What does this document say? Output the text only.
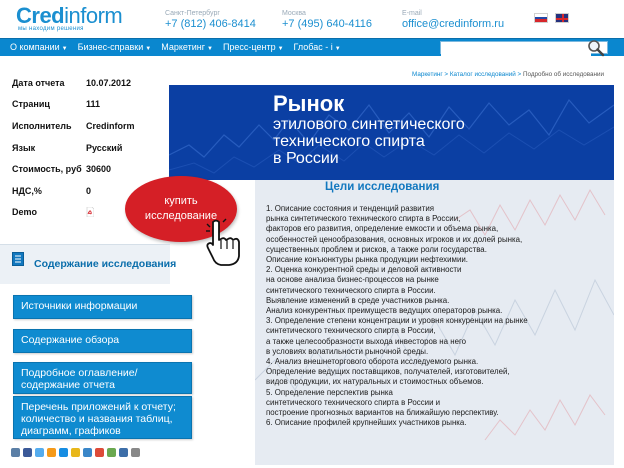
Credinform
мы находим решения
Санкт-Петербург
+7 (812) 406-8414
Москва
+7 (495) 640-4116
E-mail
office@credinform.ru
О компании ▼ Бизнес-справки ▼ Маркетинг ▼ Пресс-центр ▼ Глобас - i ▼
Дата отчета	10.07.2012
Страниц	111
Исполнитель	Credinform
Язык	Русский
Стоимость, руб 30600
НДС,%	0
Demo
Маркетинг > Каталог исследований > Подробно об исследовании
Рынок
этилового синтетического
технического спирта
в России
Цели исследования
1. Описание состояния и тенденций развития
рынка синтетического технического спирта в России,
факторов его развития, определение емкости и объема рынка,
особенностей ценообразования, основных игроков и их долей рынка,
существенных проблем и рисков, а также роли государства.
Описание конъюнктуры рынка продукции нефтехимии.
2. Оценка конкурентной среды и деловой активности
на основе анализа бизнес-процессов на рынке
синтетического технического спирта в России.
Выявление изменений в среде участников рынка.
Анализ конкурентных преимуществ ведущих операторов рынка.
3. Определение степени концентрации и уровня конкуренции на рынке
синтетического технического спирта в России,
а также целесообразности выхода инвесторов на него
в условиях волатильности рыночной среды.
4. Анализ внешнеторгового оборота исследуемого рынка.
Определение ведущих поставщиков, получателей, изготовителей,
видов продукции, их натуральных и стоимостных объемов.
5. Определение перспектив рынка
синтетического технического спирта в России и
построение прогнозных вариантов на ближайшую перспективу.
6. Описание профилей крупнейших участников рынка.
купить
исследование
Содержание исследования
Источники информации
Содержание обзора
Подробное оглавление/ содержание отчета
Перечень приложений к отчету; количество и названия таблиц, диаграмм, графиков
